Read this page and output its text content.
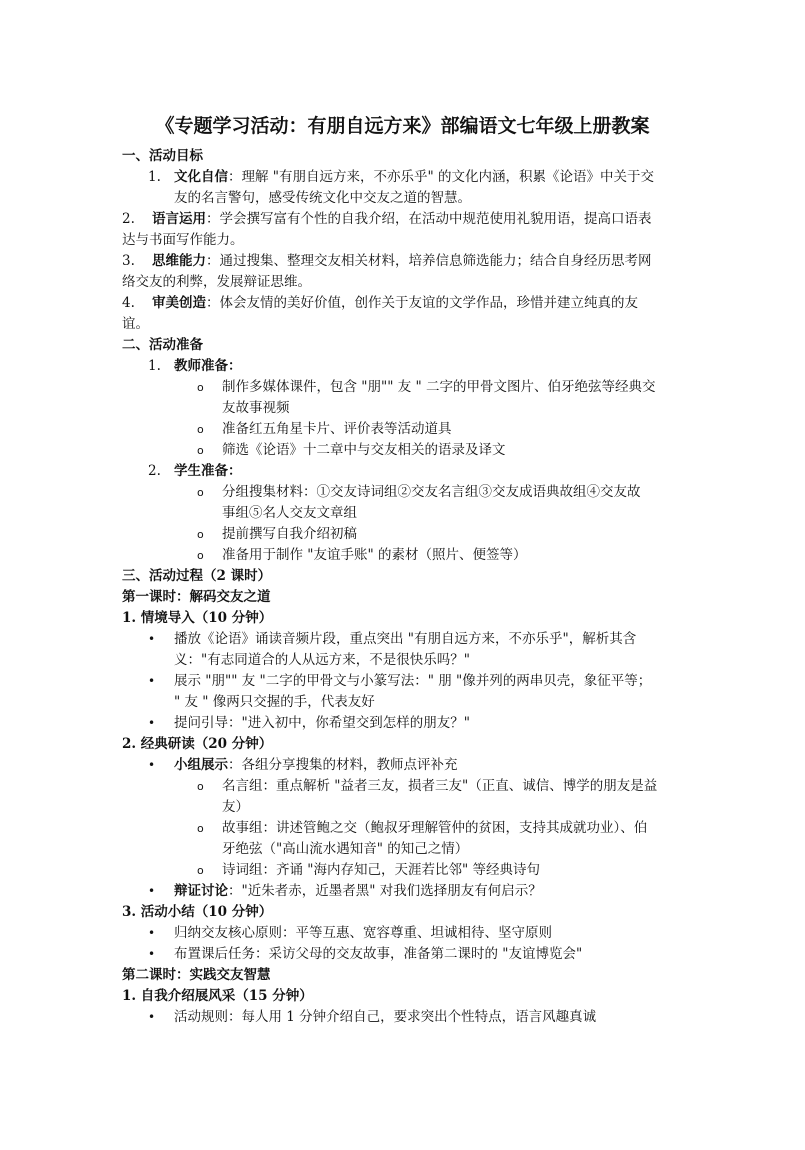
《专题学习活动：有朋自远方来》部编语文七年级上册教案
一、活动目标
1. 文化自信：理解 "有朋自远方来，不亦乐乎" 的文化内涵，积累《论语》中关于交
友的名言警句，感受传统文化中交友之道的智慧。
2. 语言运用：学会撰写富有个性的自我介绍，在活动中规范使用礼貌用语，提高口语表
达与书面写作能力。
3. 思维能力：通过搜集、整理交友相关材料，培养信息筛选能力；结合自身经历思考网
络交友的利弊，发展辩证思维。
4. 审美创造：体会友情的美好价值，创作关于友谊的文学作品，珍惜并建立纯真的友
谊。
二、活动准备
1. 教师准备：
o 制作多媒体课件，包含 "朋"" 友 " 二字的甲骨文图片、伯牙绝弦等经典交
友故事视频
o 准备红五角星卡片、评价表等活动道具
o 筛选《论语》十二章中与交友相关的语录及译文
2. 学生准备：
o 分组搜集材料：①交友诗词组②交友名言组③交友成语典故组④交友故
事组⑤名人交友文章组
o 提前撰写自我介绍初稿
o 准备用于制作 "友谊手账" 的素材（照片、便签等）
三、活动过程（2 课时）
第一课时：解码交友之道
1. 情境导入（10 分钟）
• 播放《论语》诵读音频片段，重点突出 "有朋自远方来，不亦乐乎"，解析其含
义："有志同道合的人从远方来，不是很快乐吗？"
• 展示 "朋"" 友 "二字的甲骨文与小篆写法：" 朋 "像并列的两串贝壳，象征平等；
" 友 " 像两只交握的手，代表友好
• 提问引导："进入初中，你希望交到怎样的朋友？"
2. 经典研读（20 分钟）
• 小组展示：各组分享搜集的材料，教师点评补充
o 名言组：重点解析 "益者三友，损者三友"（正直、诚信、博学的朋友是益
友）
o 故事组：讲述管鲍之交（鲍叔牙理解管仲的贫困，支持其成就功业）、伯
牙绝弦（"高山流水遇知音" 的知己之情）
o 诗词组：齐诵 "海内存知己，天涯若比邻" 等经典诗句
• 辩证讨论："近朱者赤，近墨者黑" 对我们选择朋友有何启示？
3. 活动小结（10 分钟）
• 归纳交友核心原则：平等互惠、宽容尊重、坦诚相待、坚守原则
• 布置课后任务：采访父母的交友故事，准备第二课时的 "友谊博览会"
第二课时：实践交友智慧
1. 自我介绍展风采（15 分钟）
• 活动规则：每人用 1 分钟介绍自己，要求突出个性特点，语言风趣真诚
